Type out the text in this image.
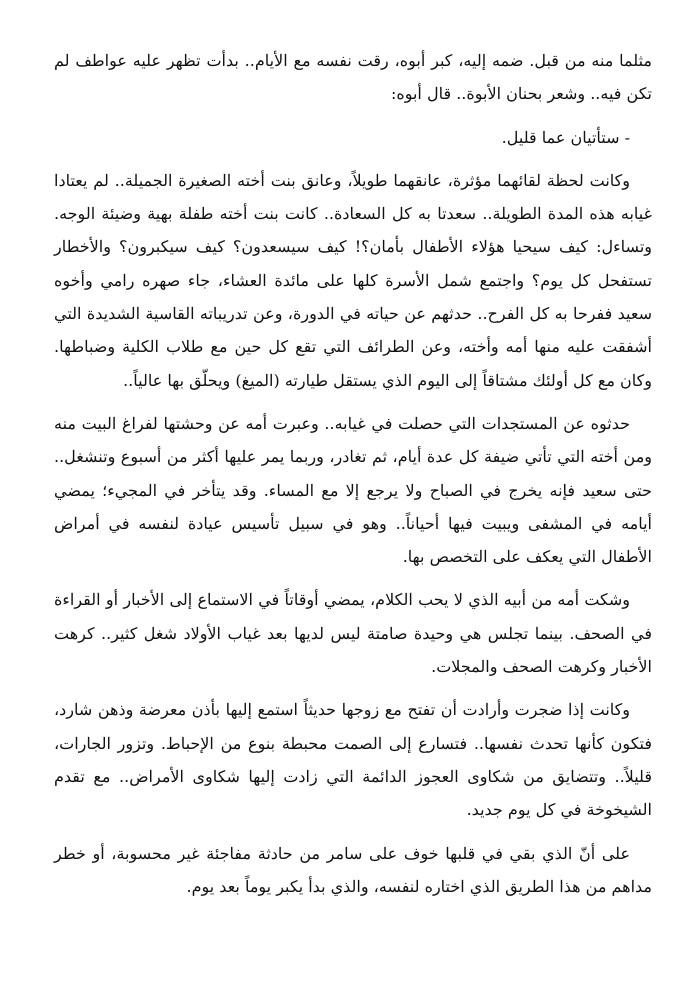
مثلما منه من قبل. ضمه إليه، كبر أبوه، رقت نفسه مع الأيام.. بدأت تظهر عليه عواطف لم تكن فيه.. وشعر بحنان الأبوة.. قال أبوه:

- ستأتيان عما قليل.

وكانت لحظة لقائهما مؤثرة، عانقهما طويلاً، وعانق بنت أخته الصغيرة الجميلة.. لم يعتادا غيابه هذه المدة الطويلة.. سعدتا به كل السعادة.. كانت بنت أخته طفلة بهية وضيئة الوجه. وتساءل: كيف سيحيا هؤلاء الأطفال بأمان؟! كيف سيسعدون؟ كيف سيكبرون؟ والأخطار تستفحل كل يوم؟ واجتمع شمل الأسرة كلها على مائدة العشاء، جاء صهره رامي وأخوه سعيد ففرحا به كل الفرح.. حدثهم عن حياته في الدورة، وعن تدريباته القاسية الشديدة التي أشفقت عليه منها أمه وأخته، وعن الطرائف التي تقع كل حين مع طلاب الكلية وضباطها. وكان مع كل أولئك مشتاقاً إلى اليوم الذي يستقل طيارته (الميغ) ويحلّق بها عالياً..

حدثوه عن المستجدات التي حصلت في غيابه.. وعبرت أمه عن وحشتها لفراغ البيت منه ومن أخته التي تأتي ضيفة كل عدة أيام، ثم تغادر، وربما يمر عليها أكثر من أسبوع وتنشغل.. حتى سعيد فإنه يخرج في الصباح ولا يرجع إلا مع المساء. وقد يتأخر في المجيء؛ يمضي أيامه في المشفى ويبيت فيها أحياناً.. وهو في سبيل تأسيس عيادة لنفسه في أمراض الأطفال التي يعكف على التخصص بها.

وشكت أمه من أبيه الذي لا يحب الكلام، يمضي أوقاتاً في الاستماع إلى الأخبار أو القراءة في الصحف. بينما تجلس هي وحيدة صامتة ليس لديها بعد غياب الأولاد شغل كثير.. كرهت الأخبار وكرهت الصحف والمجلات.

وكانت إذا ضجرت وأرادت أن تفتح مع زوجها حديثاً استمع إليها بأذن معرضة وذهن شارد، فتكون كأنها تحدث نفسها.. فتسارع إلى الصمت محبطة بنوع من الإحباط. وتزور الجارات، قليلاً.. وتتضايق من شكاوى العجوز الدائمة التي زادت إليها شكاوى الأمراض.. مع تقدم الشيخوخة في كل يوم جديد.

على أنّ الذي بقي في قلبها خوف على سامر من حادثة مفاجئة غير محسوبة، أو خطر مداهم من هذا الطريق الذي اختاره لنفسه، والذي بدأ يكبر يوماً بعد يوم.
